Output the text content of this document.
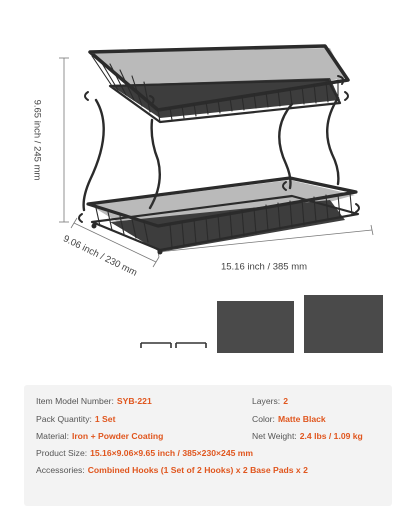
9.65 inch / 245 mm
9.06 inch / 230 mm	15.16 inch / 385 mm
Item Model Number: SYB-221	Layers: 2
Pack Quantity: 1 Set	Color: Matte Black
Material: Iron + Powder Coating	Net Weight: 2.4 lbs / 1.09 kg
Product Size: 15.16×9.06×9.65 inch / 385×230×245 mm
Accessories: Combined Hooks (1 Set of 2 Hooks) x 2 Base Pads x 2
